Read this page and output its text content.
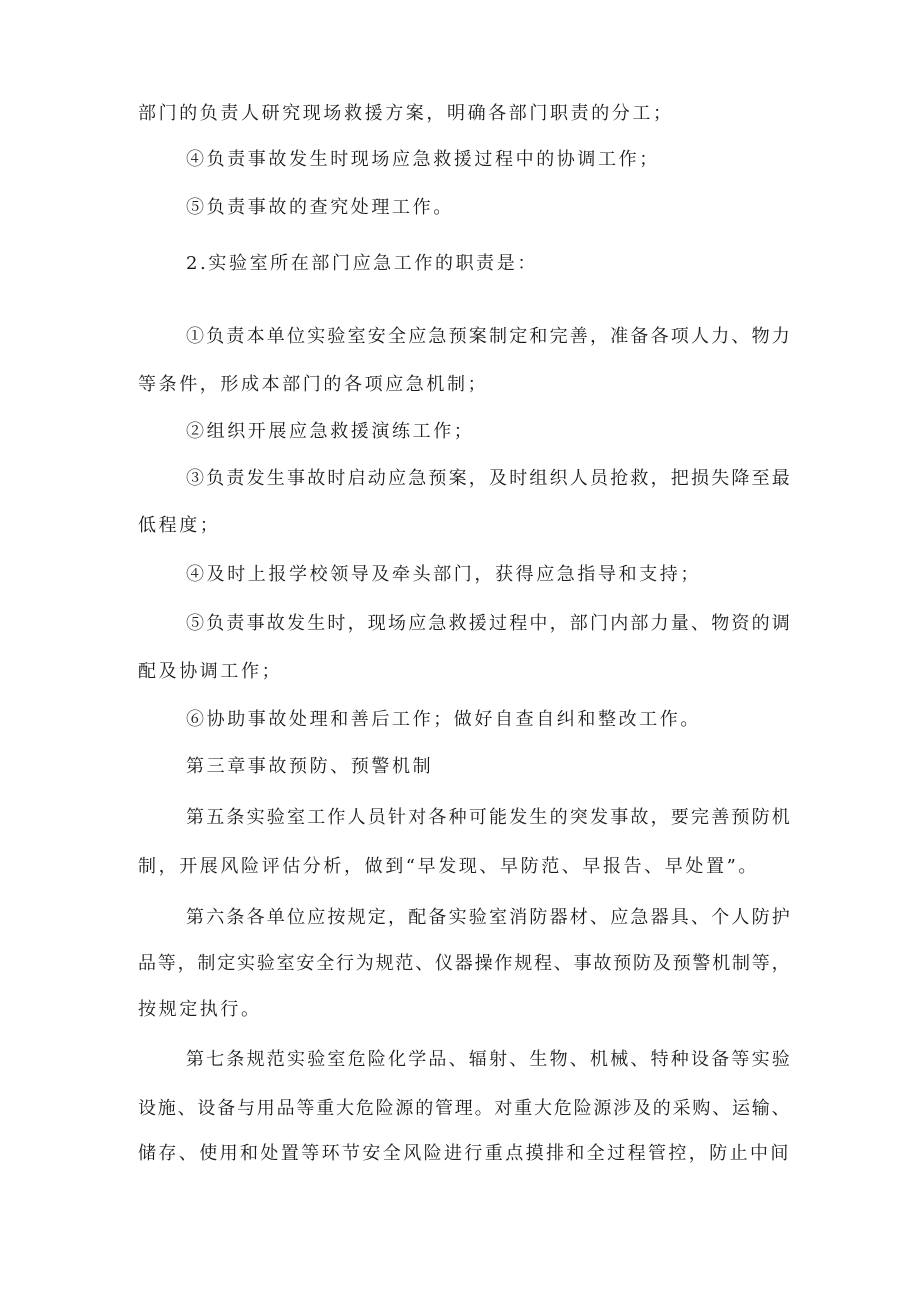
部门的负责人研究现场救援方案，明确各部门职责的分工；
④负责事故发生时现场应急救援过程中的协调工作；
⑤负责事故的查究处理工作。
2.实验室所在部门应急工作的职责是：
①负责本单位实验室安全应急预案制定和完善，准备各项人力、物力
等条件，形成本部门的各项应急机制；
②组织开展应急救援演练工作；
③负责发生事故时启动应急预案，及时组织人员抢救，把损失降至最
低程度；
④及时上报学校领导及牵头部门，获得应急指导和支持；
⑤负责事故发生时，现场应急救援过程中，部门内部力量、物资的调
配及协调工作；
⑥协助事故处理和善后工作；做好自查自纠和整改工作。
第三章事故预防、预警机制
第五条实验室工作人员针对各种可能发生的突发事故，要完善预防机
制，开展风险评估分析，做到“早发现、早防范、早报告、早处置”。
第六条各单位应按规定，配备实验室消防器材、应急器具、个人防护
品等，制定实验室安全行为规范、仪器操作规程、事故预防及预警机制等，
按规定执行。
第七条规范实验室危险化学品、辐射、生物、机械、特种设备等实验
设施、设备与用品等重大危险源的管理。对重大危险源涉及的采购、运输、
储存、使用和处置等环节安全风险进行重点摸排和全过程管控，防止中间
